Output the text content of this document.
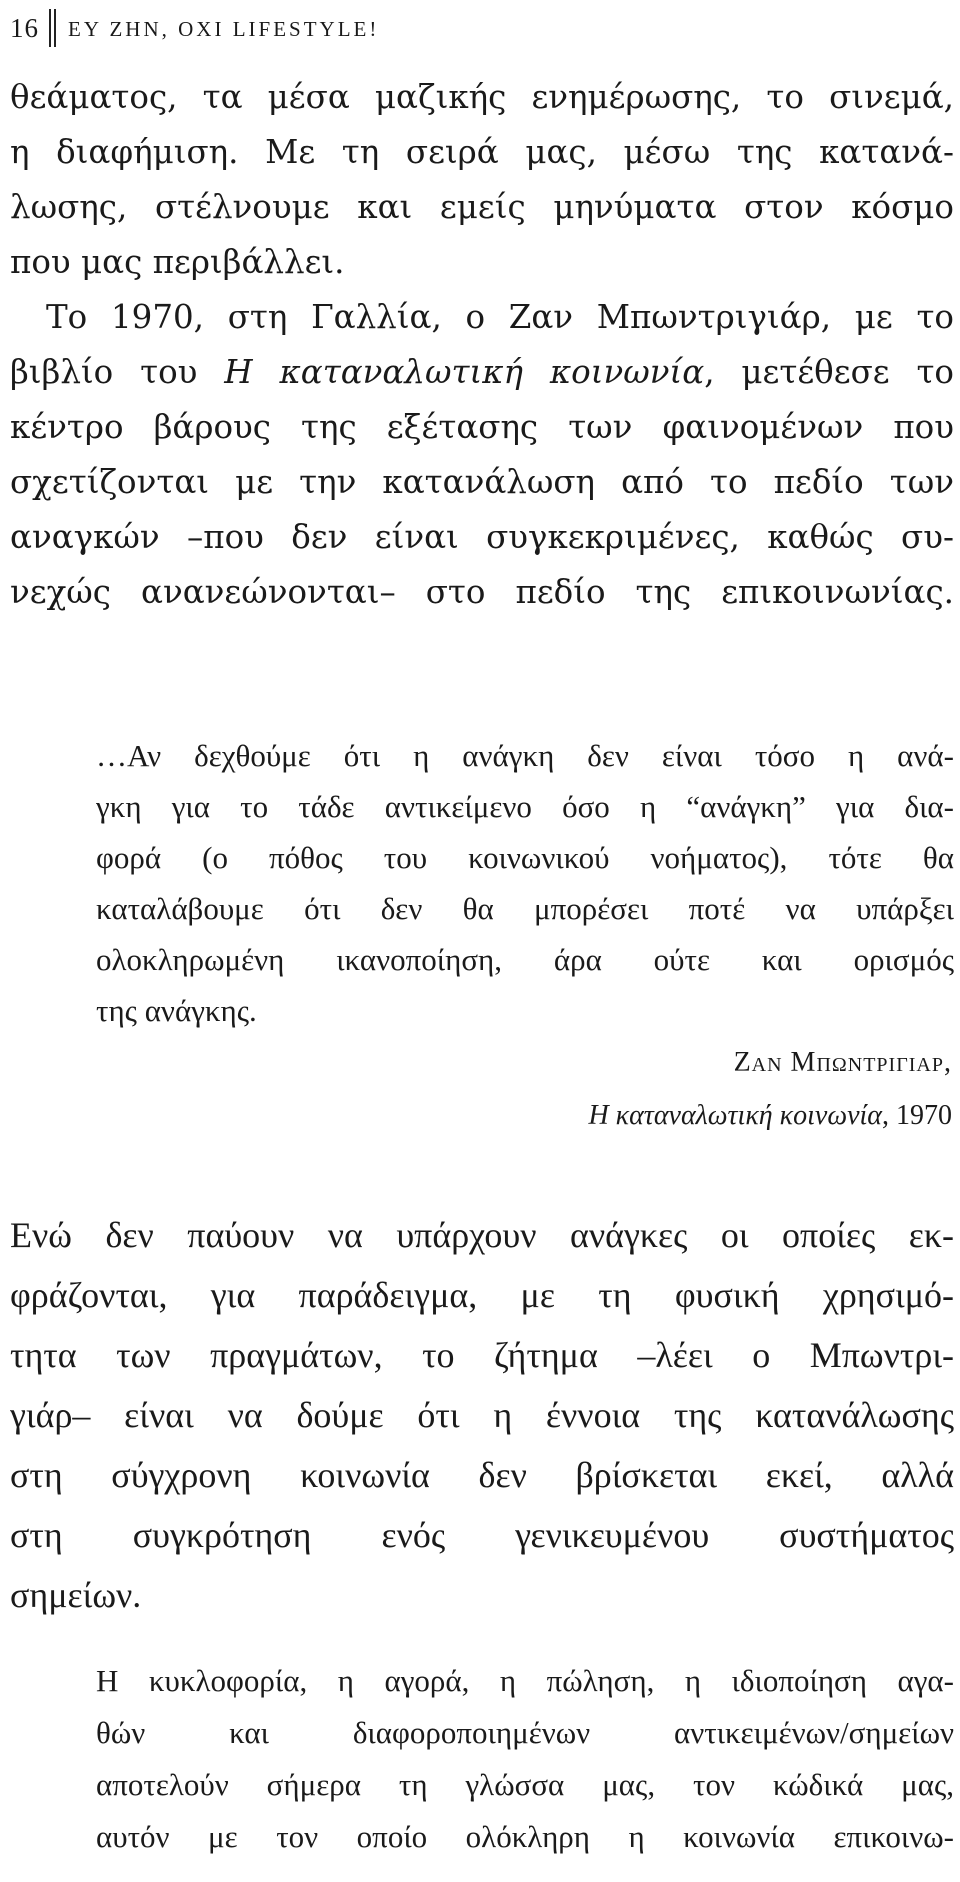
16 ΕΥ ΖΗΝ, ΟΧΙ LIFESTYLE!
θεάματος, τα μέσα μαζικής ενημέρωσης, το σινεμά,
η διαφήμιση. Με τη σειρά μας, μέσω της κατανά-
λωσης, στέλνουμε και εμείς μηνύματα στον κόσμο
που μας περιβάλλει.
Το 1970, στη Γαλλία, ο Ζαν Μπωντριγιάρ, με το
βιβλίο του Η καταναλωτική κοινωνία, μετέθεσε το
κέντρο βάρους της εξέτασης των φαινομένων που
σχετίζονται με την κατανάλωση από το πεδίο των
αναγκών –που δεν είναι συγκεκριμένες, καθώς συ-
νεχώς ανανεώνονται– στο πεδίο της επικοινωνίας.
…Αν δεχθούμε ότι η ανάγκη δεν είναι τόσο η ανά-
γκη για το τάδε αντικείμενο όσο η “ανάγκη” για δια-
φορά (ο πόθος του κοινωνικού νοήματος), τότε θα
καταλάβουμε ότι δεν θα μπορέσει ποτέ να υπάρξει
ολοκληρωμένη ικανοποίηση, άρα ούτε και ορισμός
της ανάγκης.
Ζαν Μπωντριγιαρ,
Η καταναλωτική κοινωνία, 1970
Ενώ δεν παύουν να υπάρχουν ανάγκες οι οποίες εκ-
φράζονται, για παράδειγμα, με τη φυσική χρησιμό-
τητα των πραγμάτων, το ζήτημα –λέει ο Μπωντρι-
γιάρ– είναι να δούμε ότι η έννοια της κατανάλωσης
στη σύγχρονη κοινωνία δεν βρίσκεται εκεί, αλλά
στη συγκρότηση ενός γενικευμένου συστήματος
σημείων.
Η κυκλοφορία, η αγορά, η πώληση, η ιδιοποίηση αγα-
θών και διαφοροποιημένων αντικειμένων/σημείων
αποτελούν σήμερα τη γλώσσα μας, τον κώδικά μας,
αυτόν με τον οποίο ολόκληρη η κοινωνία επικοινω-
